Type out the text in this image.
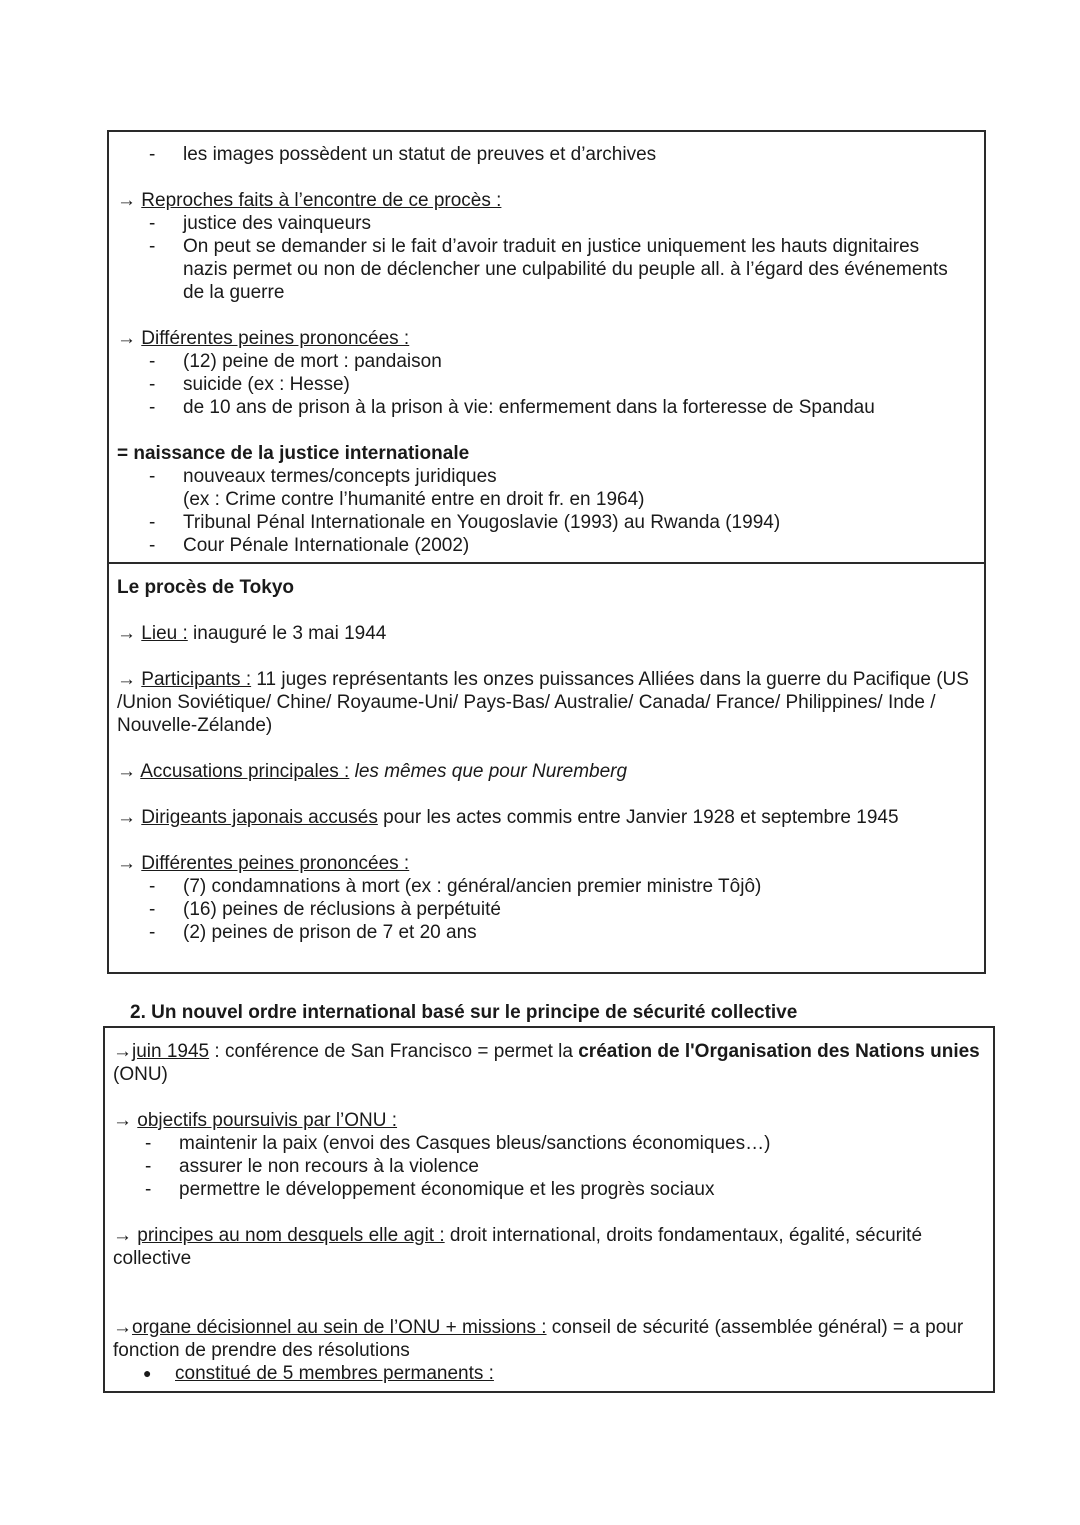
- les images possèdent un statut de preuves et d’archives
→ Reproches faits à l’encontre de ce procès :
- justice des vainqueurs
- On peut se demander si le fait d’avoir traduit en justice uniquement les hauts dignitaires nazis permet ou non de déclencher une culpabilité du peuple all. à l’égard des événements de la guerre
→ Différentes peines prononcées :
- (12) peine de mort : pandaison
- suicide (ex : Hesse)
- de 10 ans de prison à la prison à vie: enfermement dans la forteresse de Spandau
= naissance de la justice internationale
- nouveaux termes/concepts juridiques
(ex : Crime contre l’humanité entre en droit fr. en 1964)
- Tribunal Pénal Internationale en Yougoslavie (1993) au Rwanda (1994)
- Cour Pénale Internationale (2002)
Le procès de Tokyo
→ Lieu : inauguré le 3 mai 1944
→ Participants : 11 juges représentants les onzes puissances Alliées dans la guerre du Pacifique (US /Union Soviétique/ Chine/ Royaume-Uni/ Pays-Bas/ Australie/ Canada/ France/ Philippines/ Inde / Nouvelle-Zélande)
→ Accusations principales : les mêmes que pour Nuremberg
→ Dirigeants japonais accusés pour les actes commis entre Janvier 1928 et septembre 1945
→ Différentes peines prononcées :
- (7) condamnations à mort (ex : général/ancien premier ministre Tôjô)
- (16) peines de réclusions à perpétuité
- (2) peines de prison de 7 et 20 ans
2. Un nouvel ordre international basé sur le principe de sécurité collective
→juin 1945 : conférence de San Francisco = permet la création de l'Organisation des Nations unies (ONU)
→ objectifs poursuivis par l’ONU :
- maintenir la paix (envoi des Casques bleus/sanctions économiques…)
- assurer le non recours à la violence
- permettre le développement économique et les progrès sociaux
→ principes au nom desquels elle agit : droit international, droits fondamentaux, égalité, sécurité collective
→organe décisionnel au sein de l’ONU + missions : conseil de sécurité (assemblée général) = a pour fonction de prendre des résolutions
● constitué de 5 membres permanents :
